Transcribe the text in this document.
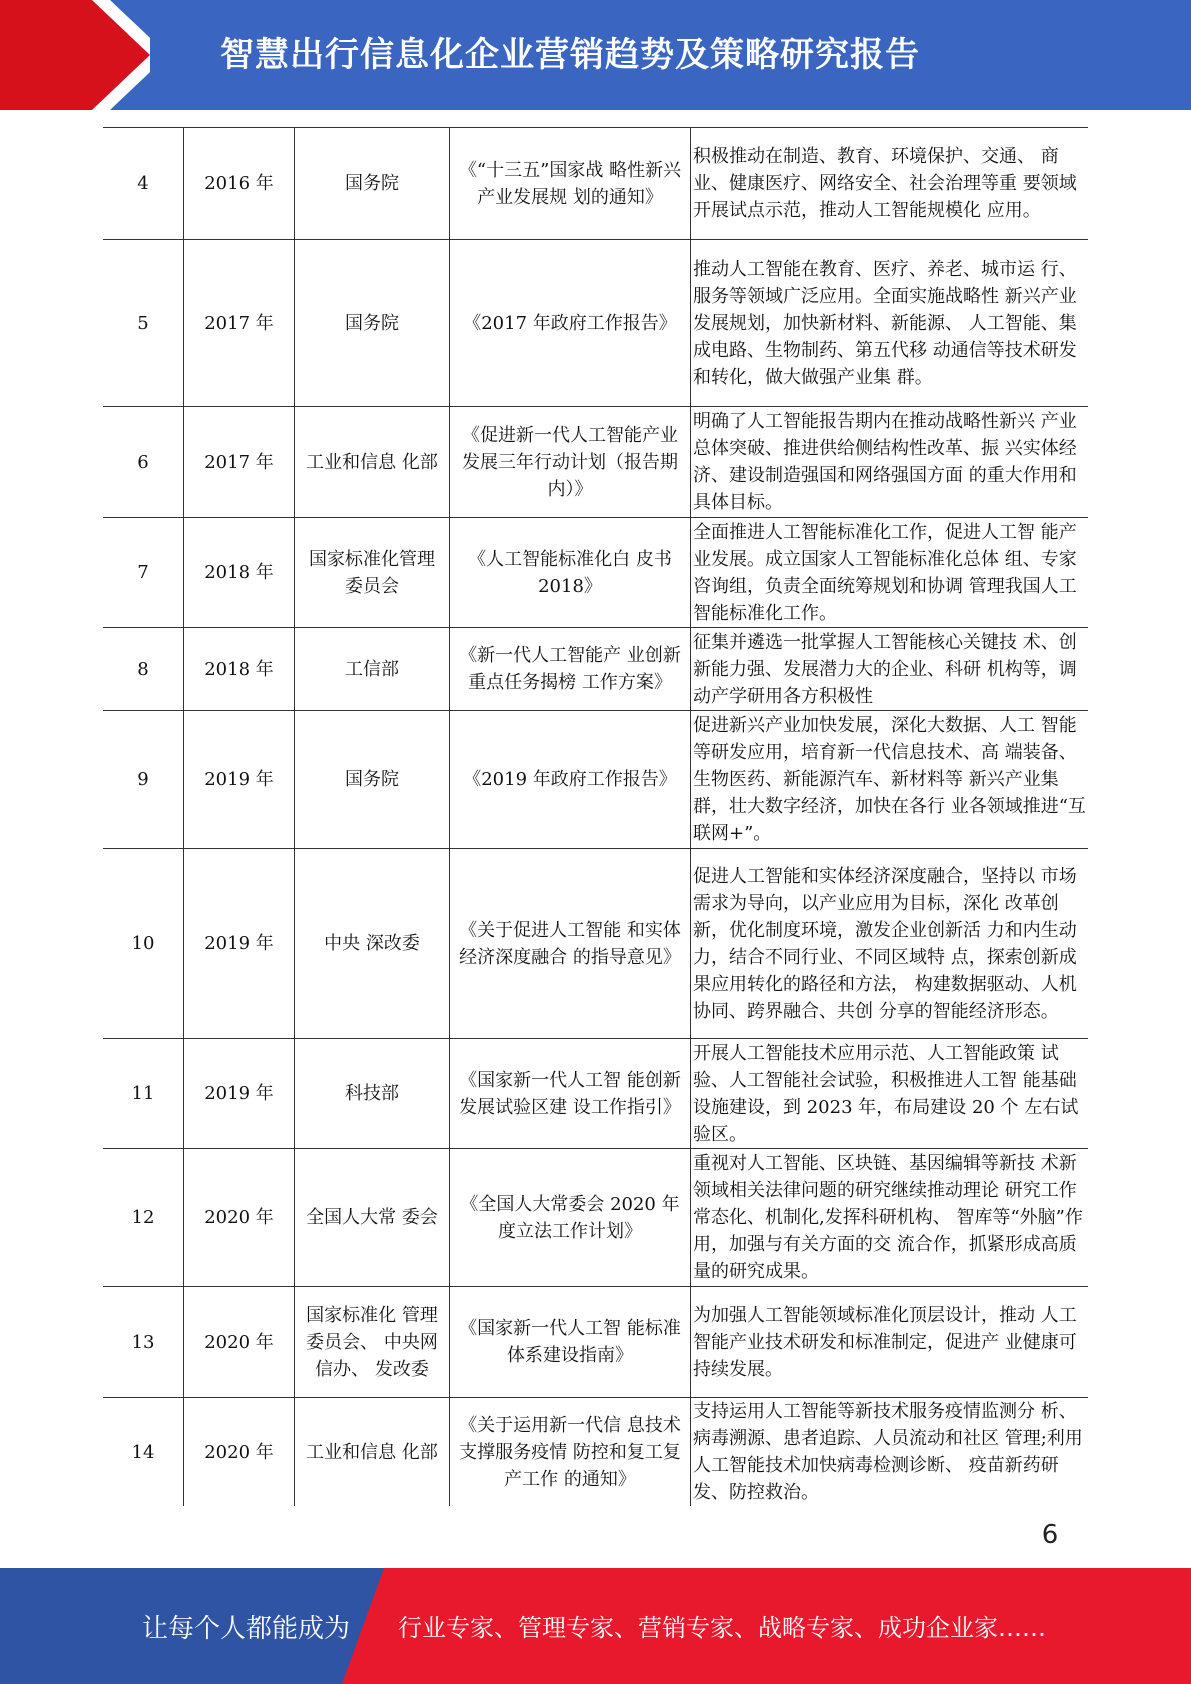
智慧出行信息化企业营销趋势及策略研究报告
4	2016 年	国务院	《“十三五”国家战 略性新兴产业发展规 划的通知》	积极推动在制造、教育、环境保护、交通、 商业、健康医疗、网络安全、社会治理等重 要领域开展试点示范，推动人工智能规模化 应用。
5	2017 年	国务院	《2017 年政府工作报告》	推动人工智能在教育、医疗、养老、城市运 行、服务等领域广泛应用。全面实施战略性 新兴产业发展规划，加快新材料、新能源、 人工智能、集成电路、生物制药、第五代移 动通信等技术研发和转化，做大做强产业集 群。
6	2017 年	工业和信息 化部	《促进新一代人工智能产业发展三年行动计划（报告期内）》	明确了人工智能报告期内在推动战略性新兴 产业总体突破、推进供给侧结构性改革、振 兴实体经济、建设制造强国和网络强国方面 的重大作用和具体目标。
7	2018 年	国家标准化管理委员会	《人工智能标准化白 皮书 2018》	全面推进人工智能标准化工作，促进人工智 能产业发展。成立国家人工智能标准化总体 组、专家咨询组，负责全面统筹规划和协调 管理我国人工智能标准化工作。
8	2018 年	工信部	《新一代人工智能产 业创新重点任务揭榜 工作方案》	征集并遴选一批掌握人工智能核心关键技 术、创新能力强、发展潜力大的企业、科研 机构等，调动产学研用各方积极性
9	2019 年	国务院	《2019 年政府工作报告》	促进新兴产业加快发展，深化大数据、人工 智能等研发应用，培育新一代信息技术、高 端装备、生物医药、新能源汽车、新材料等 新兴产业集群，壮大数字经济，加快在各行 业各领域推进“互联网+”。
10	2019 年	中央 深改委	《关于促进人工智能 和实体经济深度融合 的指导意见》	促进人工智能和实体经济深度融合，坚持以 市场需求为导向，以产业应用为目标，深化 改革创新，优化制度环境，激发企业创新活 力和内生动力，结合不同行业、不同区域特 点，探索创新成果应用转化的路径和方法， 构建数据驱动、人机协同、跨界融合、共创 分享的智能经济形态。
11	2019 年	科技部	《国家新一代人工智 能创新发展试验区建 设工作指引》	开展人工智能技术应用示范、人工智能政策 试验、人工智能社会试验，积极推进人工智 能基础设施建设，到 2023 年，布局建设 20 个 左右试验区。
12	2020 年	全国人大常 委会	《全国人大常委会 2020 年度立法工作计划》	重视对人工智能、区块链、基因编辑等新技 术新领域相关法律问题的研究继续推动理论 研究工作常态化、机制化,发挥科研机构、 智库等“外脑”作用，加强与有关方面的交 流合作，抓紧形成高质量的研究成果。
13	2020 年	国家标准化 管理委员会、 中央网信办、 发改委	《国家新一代人工智 能标准体系建设指南》	为加强人工智能领域标准化顶层设计，推动 人工智能产业技术研发和标准制定，促进产 业健康可持续发展。
14	2020 年	工业和信息 化部	《关于运用新一代信 息技术支撑服务疫情 防控和复工复产工作 的通知》	支持运用人工智能等新技术服务疫情监测分 析、病毒溯源、患者追踪、人员流动和社区 管理;利用人工智能技术加快病毒检测诊断、 疫苗新药研发、防控救治。
6
让每个人都能成为 行业专家、管理专家、营销专家、战略专家、成功企业家……
